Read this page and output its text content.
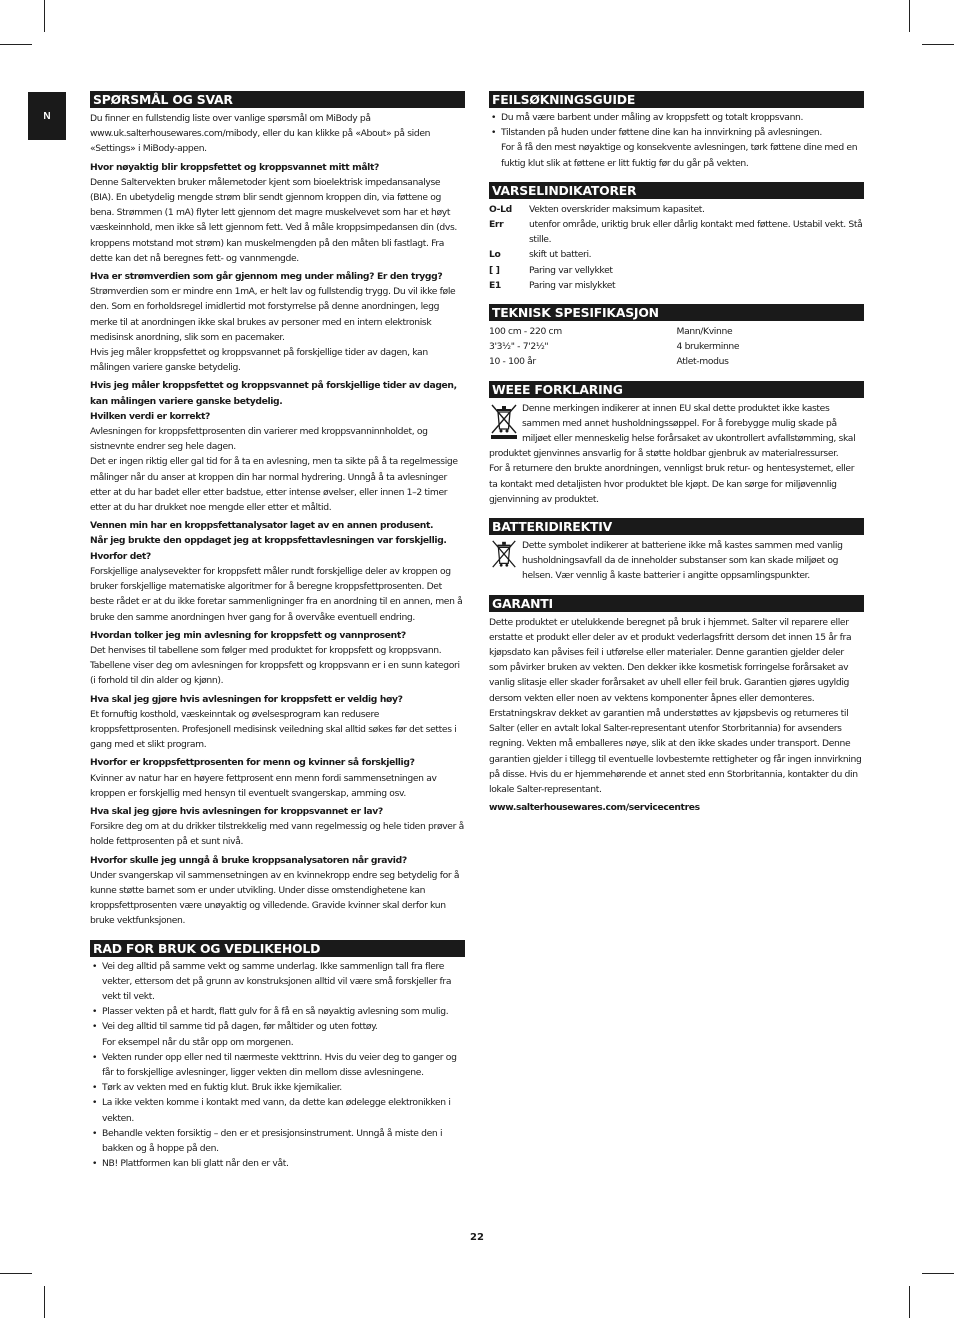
N
SPØRSMÅL OG SVAR

Du finner en fullstendig liste over vanlige spørsmål om MiBody på www.uk.salterhousewares.com/mibody, eller du kan klikke på «About» på siden «Settings» i MiBody-appen.

Hvor nøyaktig blir kroppsfettet og kroppsvannet mitt målt?

Denne Saltervekten bruker målemetoder kjent som bioelektrisk impedansanalyse (BIA). En ubetydelig mengde strøm blir sendt gjennom kroppen din, via føttene og bena. Strømmen (1 mA) flyter lett gjennom det magre muskelvevet som har et høyt væskeinnhold, men ikke så lett gjennom fett. Ved å måle kroppsimpedansen din (dvs. kroppens motstand mot strøm) kan muskelmengden på den måten bli fastlagt. Fra dette kan det nå beregnes fett- og vannmengde.

Hva er strømverdien som går gjennom meg under måling? Er den trygg?

Strømverdien som er mindre enn 1mA, er helt lav og fullstendig trygg. Du vil ikke føle den. Som en forholdsregel imidlertid mot forstyrrelse på denne anordningen, legg merke til at anordningen ikke skal brukes av personer med en intern elektronisk medisinsk anordning, slik som en pacemaker.

Hvis jeg måler kroppsfettet og kroppsvannet på forskjellige tider av dagen, kan målingen variere ganske betydelig.

Hvis jeg måler kroppsfettet og kroppsvannet på forskjellige tider av dagen, kan målingen variere ganske betydelig.

Hvilken verdi er korrekt?

Avlesningen for kroppsfettprosenten din varierer med kroppsvanninnholdet, og sistnevnte endrer seg hele dagen.

Det er ingen riktig eller gal tid for å ta en avlesning, men ta sikte på å ta regelmessige målinger når du anser at kroppen din har normal hydrering. Unngå å ta avlesninger etter at du har badet eller etter badstue, etter intense øvelser, eller innen 1–2 timer etter at du har drukket noe mengde eller etter et måltid.

Vennen min har en kroppsfettanalysator laget av en annen produsent.

Når jeg brukte den oppdaget jeg at kroppsfettavlesningen var forskjellig.

Hvorfor det?

Forskjellige analysevekter for kroppsfett måler rundt forskjellige deler av kroppen og bruker forskjellige matematiske algoritmer for å beregne kroppsfettprosenten. Det beste rådet er at du ikke foretar sammenligninger fra en anordning til en annen, men å bruke den samme anordningen hver gang for å overvåke eventuell endring.

Hvordan tolker jeg min avlesning for kroppsfett og vannprosent?

Det henvises til tabellene som følger med produktet for kroppsfett og kroppsvann. Tabellene viser deg om avlesningen for kroppsfett og kroppsvann er i en sunn kategori (i forhold til din alder og kjønn).

Hva skal jeg gjøre hvis avlesningen for kroppsfett er veldig høy?

Et fornuftig kosthold, væskeinntak og øvelsesprogram kan redusere kroppsfettprosenten. Profesjonell medisinsk veiledning skal alltid søkes før det settes i gang med et slikt program.

Hvorfor er kroppsfettprosenten for menn og kvinner så forskjellig?

Kvinner av natur har en høyere fettprosent enn menn fordi sammensetningen av kroppen er forskjellig med hensyn til eventuelt svangerskap, amming osv.

Hva skal jeg gjøre hvis avlesningen for kroppsvannet er lav?

Forsikre deg om at du drikker tilstrekkelig med vann regelmessig og hele tiden prøver å holde fettprosenten på et sunt nivå.

Hvorfor skulle jeg unngå å bruke kroppsanalysatoren når gravid?

Under svangerskap vil sammensetningen av en kvinnekropp endre seg betydelig for å kunne støtte barnet som er under utvikling. Under disse omstendighetene kan kroppsfettprosenten være unøyaktig og villedende. Gravide kvinner skal derfor kun bruke vektfunksjonen.

RAD FOR BRUK OG VEDLIKEHOLD
• Vei deg alltid på samme vekt og samme underlag. Ikke sammenlign tall fra flere vekter, ettersom det på grunn av konstruksjonen alltid vil være små forskjeller fra vekt til vekt.
• Plasser vekten på et hardt, flatt gulv for å få en så nøyaktig avlesning som mulig.
• Vei deg alltid til samme tid på dagen, før måltider og uten fottøy.
For eksempel når du står opp om morgenen.
• Vekten runder opp eller ned til nærmeste vekttrinn. Hvis du veier deg to ganger og får to forskjellige avlesninger, ligger vekten din mellom disse avlesningene.
• Tørk av vekten med en fuktig klut. Bruk ikke kjemikalier.
• La ikke vekten komme i kontakt med vann, da dette kan ødelegge elektronikken i vekten.
• Behandle vekten forsiktig – den er et presisjonsinstrument. Unngå å miste den i bakken og å hoppe på den.
• NB! Plattformen kan bli glatt når den er våt.
FEILSØKNINGSGUIDE
• Du må være barbent under måling av kroppsfett og totalt kroppsvann.
• Tilstanden på huden under føttene dine kan ha innvirkning på avlesningen.

For å få den mest nøyaktige og konsekvente avlesningen, tørk føttene dine med en fuktig klut slik at føttene er litt fuktig før du går på vekten.

VARSELINDIKATORER
O-Ld	Vekten overskrider maksimum kapasitet.
Err	utenfor område, uriktig bruk eller dårlig kontakt med føttene. Ustabil vekt. Stå stille.
Lo	skift ut batteri.
[ ]	Paring var vellykket
E1	Paring var mislykket
TEKNISK SPESIFIKASJON
100 cm - 220 cm	Mann/Kvinne
3'3½" - 7'2½"	4 brukerminne
10 - 100 år	Atlet-modus
WEEE FORKLARING

Denne merkingen indikerer at innen EU skal dette produktet ikke kastes sammen med annet husholdningssøppel. For å forebygge mulig skade på miljøet eller menneskelig helse forårsaket av ukontrollert avfallstømming, skal produktet gjenvinnes ansvarlig for å støtte holdbar gjenbruk av materialressurser.

For å returnere den brukte anordningen, vennligst bruk retur- og hentesystemet, eller ta kontakt med detaljisten hvor produktet ble kjøpt. De kan sørge for miljøvennlig gjenvinning av produktet.

BATTERIDIREKTIV

Dette symbolet indikerer at batteriene ikke må kastes sammen med vanlig husholdningsavfall da de inneholder substanser som kan skade miljøet og helsen. Vær vennlig å kaste batterier i angitte oppsamlingspunkter.

GARANTI

Dette produktet er utelukkende beregnet på bruk i hjemmet. Salter vil reparere eller erstatte et produkt eller deler av et produkt vederlagsfritt dersom det innen 15 år fra kjøpsdato kan påvises feil i utførelse eller materialer. Denne garantien gjelder deler som påvirker bruken av vekten. Den dekker ikke kosmetisk forringelse forårsaket av vanlig slitasje eller skader forårsaket av uhell eller feil bruk. Garantien gjøres ugyldig dersom vekten eller noen av vektens komponenter åpnes eller demonteres. Erstatningskrav dekket av garantien må understøttes av kjøpsbevis og returneres til Salter (eller en avtalt lokal Salter-representant utenfor Storbritannia) for avsenders regning. Vekten må emballeres nøye, slik at den ikke skades under transport. Denne garantien gjelder i tillegg til eventuelle lovbestemte rettigheter og får ingen innvirkning på disse. Hvis du er hjemmehørende et annet sted enn Storbritannia, kontakter du din lokale Salter-representant.

www.salterhousewares.com/servicecentres

22
